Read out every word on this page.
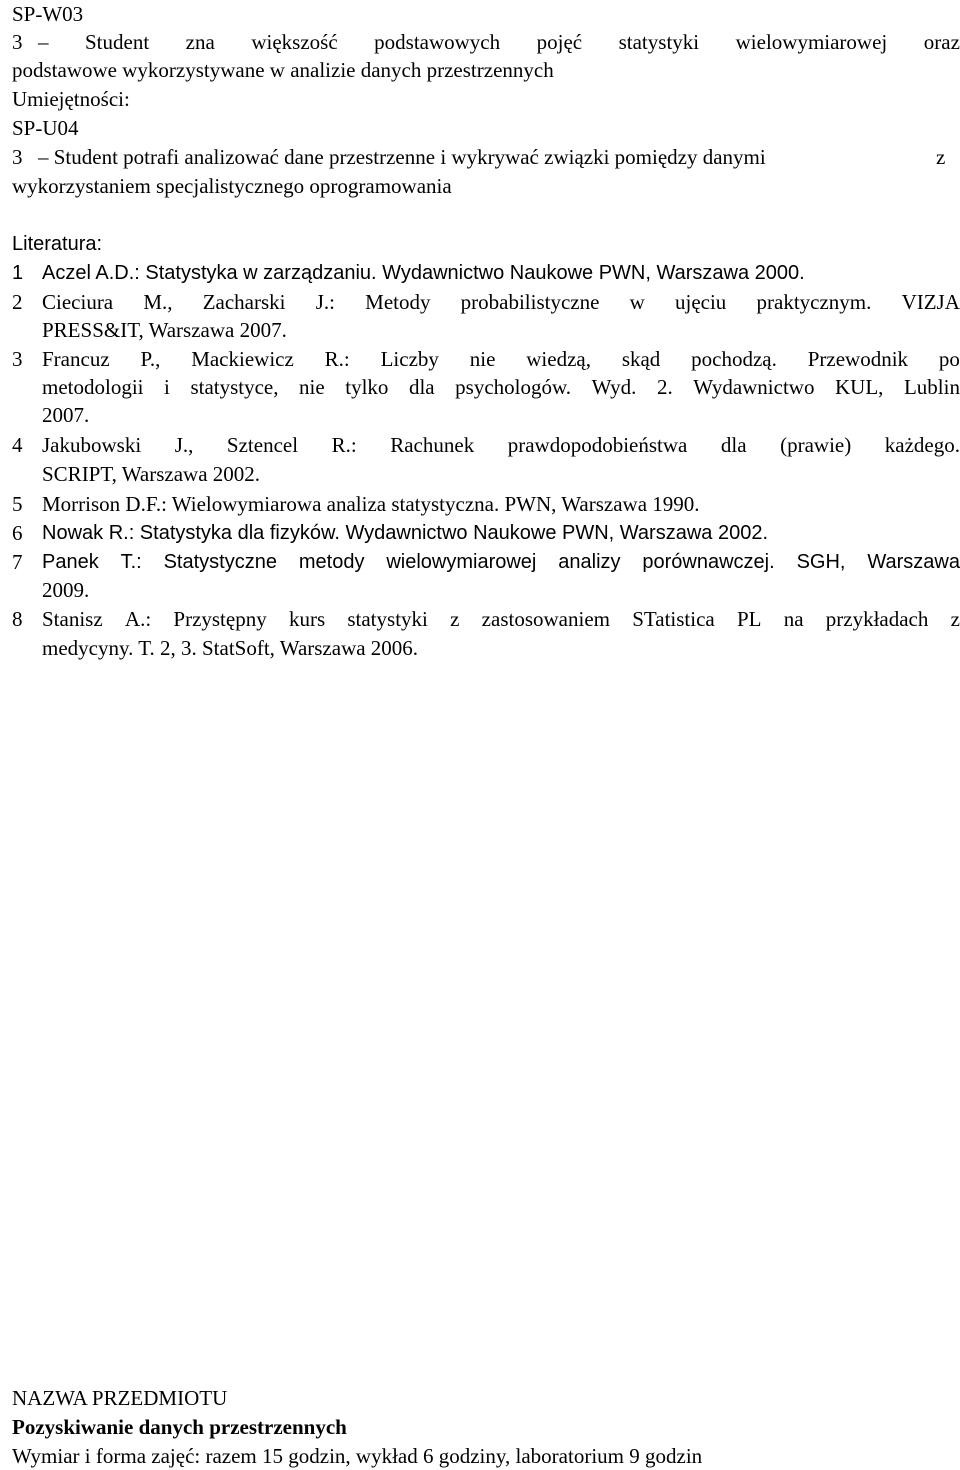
SP-W03
3 – Student zna większość podstawowych pojęć statystyki wielowymiarowej oraz
podstawowe wykorzystywane w analizie danych przestrzennych
Umiejętności:
SP-U04
3 – Student potrafi analizować dane przestrzenne i wykrywać związki pomiędzy danymi	z
wykorzystaniem specjalistycznego oprogramowania
Literatura:
1 Aczel A.D.: Statystyka w zarządzaniu. Wydawnictwo Naukowe PWN, Warszawa 2000.
2 Cieciura M., Zacharski J.: Metody probabilistyczne w ujęciu praktycznym. VIZJA
PRESS&IT, Warszawa 2007.
3 Francuz P., Mackiewicz R.: Liczby nie wiedzą, skąd pochodzą. Przewodnik po
metodologii i statystyce, nie tylko dla psychologów. Wyd. 2. Wydawnictwo KUL, Lublin
2007.
4 Jakubowski J., Sztencel R.: Rachunek prawdopodobieństwa dla (prawie) każdego.
SCRIPT, Warszawa 2002.
5 Morrison D.F.: Wielowymiarowa analiza statystyczna. PWN, Warszawa 1990.
6 Nowak R.: Statystyka dla fizyków. Wydawnictwo Naukowe PWN, Warszawa 2002.
7 Panek T.: Statystyczne metody wielowymiarowej analizy porównawczej. SGH, Warszawa
2009.
8 Stanisz A.: Przystępny kurs statystyki z zastosowaniem STatistica PL na przykładach z
medycyny. T. 2, 3. StatSoft, Warszawa 2006.
NAZWA PRZEDMIOTU
Pozyskiwanie danych przestrzennych
Wymiar i forma zajęć: razem 15 godzin, wykład 6 godziny, laboratorium 9 godzin
